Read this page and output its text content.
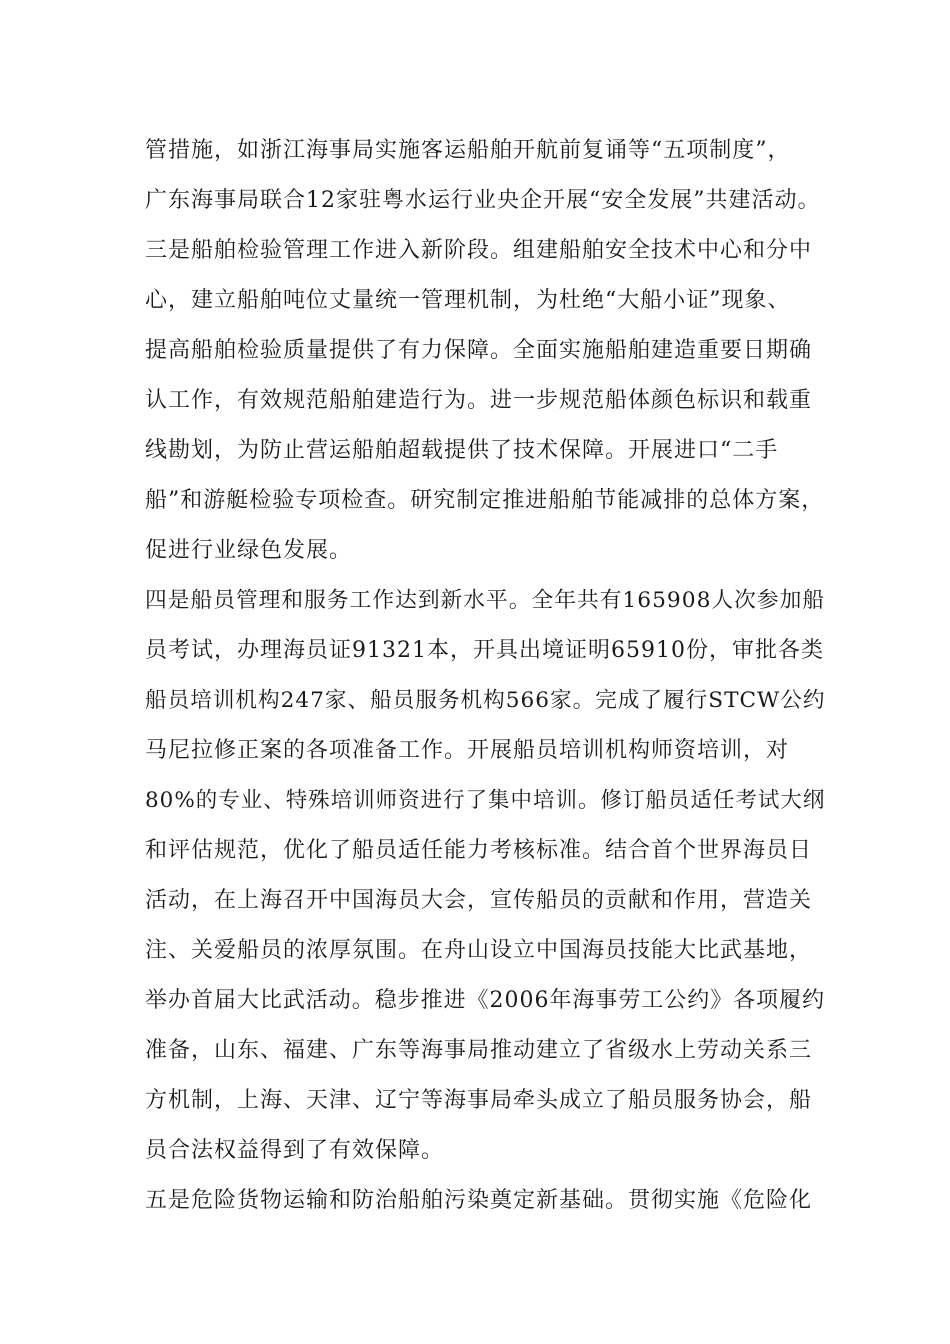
管措施，如浙江海事局实施客运船舶开航前复诵等“五项制度”，
广东海事局联合12家驻粤水运行业央企开展“安全发展”共建活动。
三是船舶检验管理工作进入新阶段。组建船舶安全技术中心和分中
心，建立船舶吨位丈量统一管理机制，为杜绝“大船小证”现象、
提高船舶检验质量提供了有力保障。全面实施船舶建造重要日期确
认工作，有效规范船舶建造行为。进一步规范船体颜色标识和载重
线勘划，为防止营运船舶超载提供了技术保障。开展进口“二手
船”和游艇检验专项检查。研究制定推进船舶节能减排的总体方案，
促进行业绿色发展。
四是船员管理和服务工作达到新水平。全年共有165908人次参加船
员考试，办理海员证91321本，开具出境证明65910份，审批各类
船员培训机构247家、船员服务机构566家。完成了履行STCW公约
马尼拉修正案的各项准备工作。开展船员培训机构师资培训，对
80%的专业、特殊培训师资进行了集中培训。修订船员适任考试大纲
和评估规范，优化了船员适任能力考核标准。结合首个世界海员日
活动，在上海召开中国海员大会，宣传船员的贡献和作用，营造关
注、关爱船员的浓厚氛围。在舟山设立中国海员技能大比武基地，
举办首届大比武活动。稳步推进《2006年海事劳工公约》各项履约
准备，山东、福建、广东等海事局推动建立了省级水上劳动关系三
方机制，上海、天津、辽宁等海事局牵头成立了船员服务协会，船
员合法权益得到了有效保障。
五是危险货物运输和防治船舶污染奠定新基础。贯彻实施《危险化
